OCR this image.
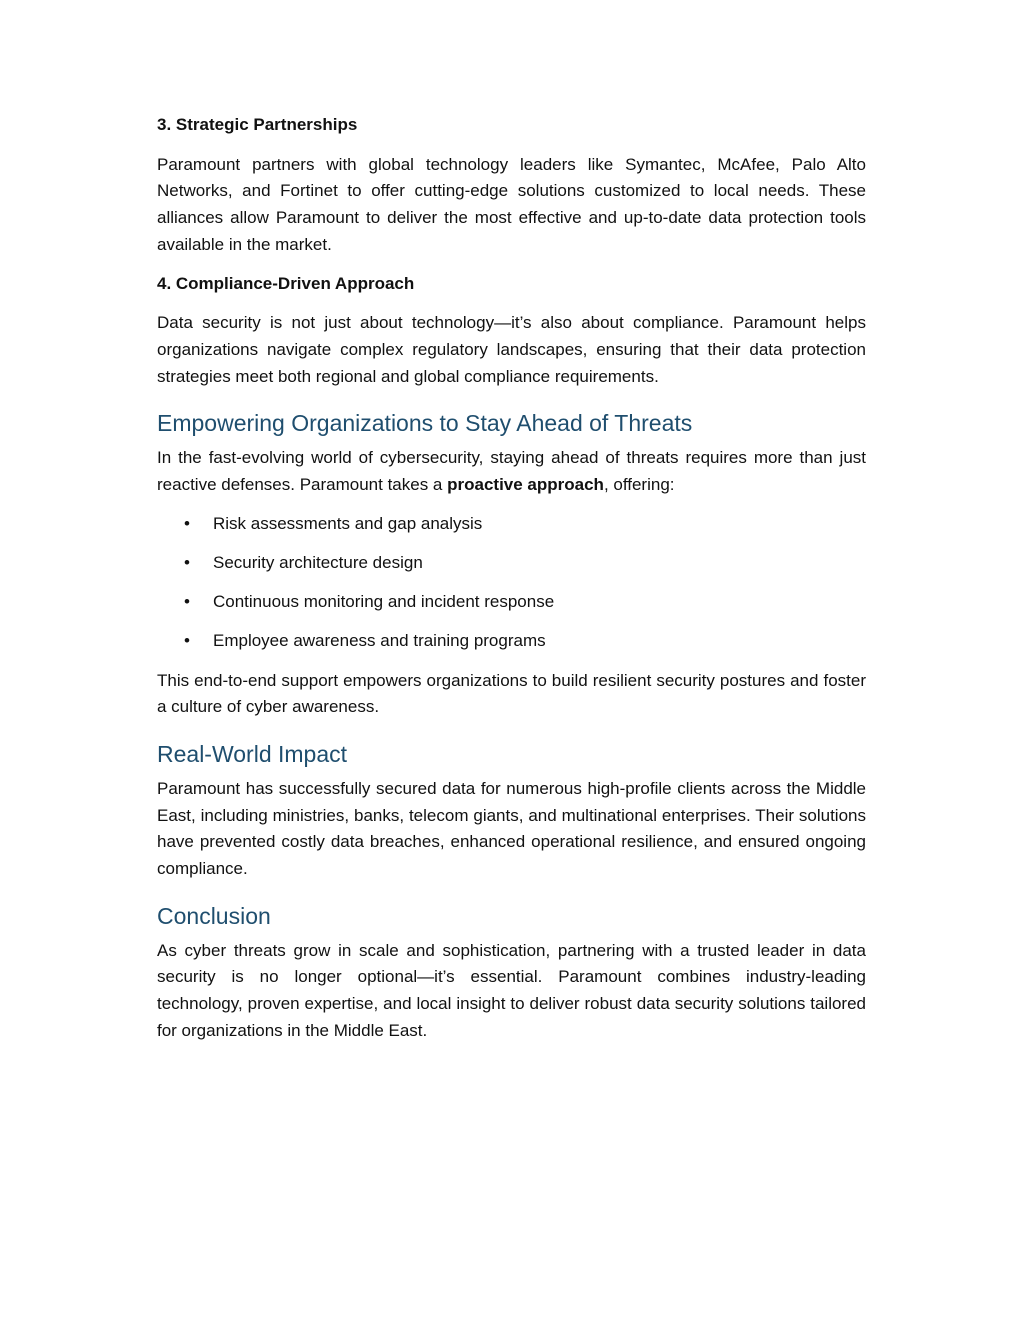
3. Strategic Partnerships

Paramount partners with global technology leaders like Symantec, McAfee, Palo Alto Networks, and Fortinet to offer cutting-edge solutions customized to local needs. These alliances allow Paramount to deliver the most effective and up-to-date data protection tools available in the market.

4. Compliance-Driven Approach

Data security is not just about technology—it’s also about compliance. Paramount helps organizations navigate complex regulatory landscapes, ensuring that their data protection strategies meet both regional and global compliance requirements.

Empowering Organizations to Stay Ahead of Threats

In the fast-evolving world of cybersecurity, staying ahead of threats requires more than just reactive defenses. Paramount takes a proactive approach, offering:

• Risk assessments and gap analysis
• Security architecture design
• Continuous monitoring and incident response
• Employee awareness and training programs

This end-to-end support empowers organizations to build resilient security postures and foster a culture of cyber awareness.

Real-World Impact

Paramount has successfully secured data for numerous high-profile clients across the Middle East, including ministries, banks, telecom giants, and multinational enterprises. Their solutions have prevented costly data breaches, enhanced operational resilience, and ensured ongoing compliance.

Conclusion

As cyber threats grow in scale and sophistication, partnering with a trusted leader in data security is no longer optional—it’s essential. Paramount combines industry-leading technology, proven expertise, and local insight to deliver robust data security solutions tailored for organizations in the Middle East.
